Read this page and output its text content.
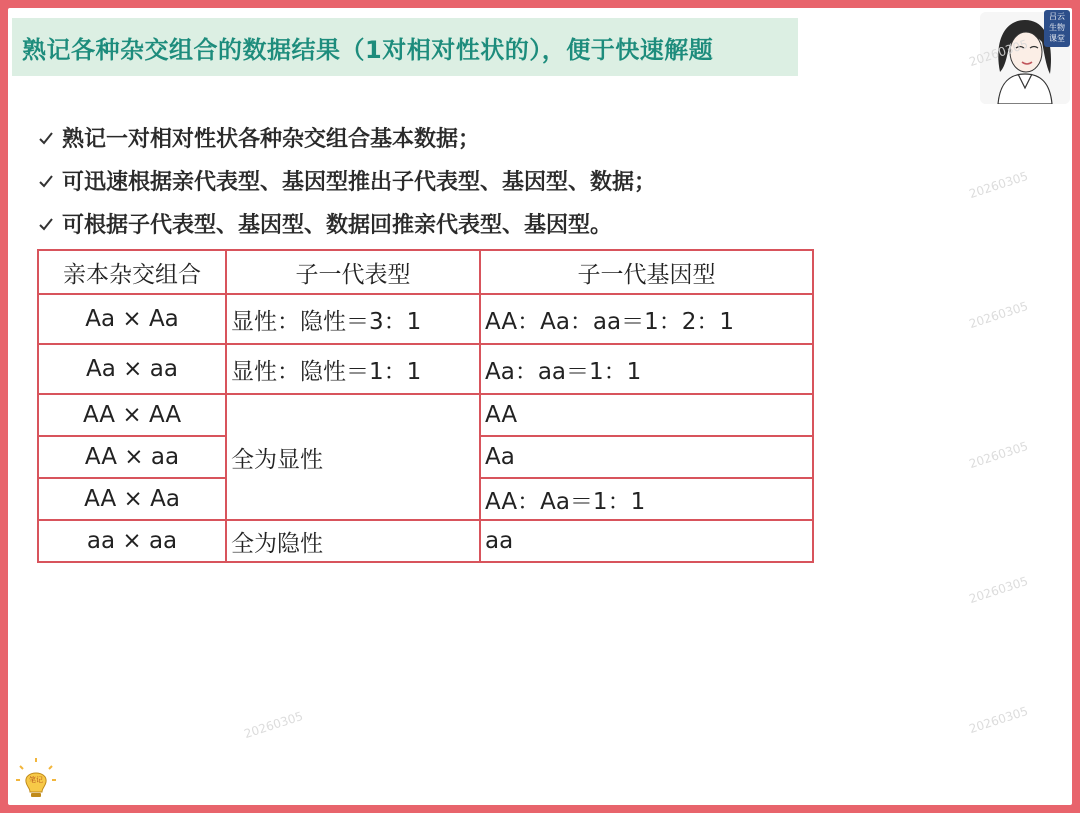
熟记各种杂交组合的数据结果（1对相对性状的），便于快速解题
吕云
生物
课堂
熟记一对相对性状各种杂交组合基本数据；
可迅速根据亲代表型、基因型推出子代表型、基因型、数据；
可根据子代表型、基因型、数据回推亲代表型、基因型。
亲本杂交组合	子一代表型	子一代基因型
Aa × Aa	显性：隐性＝3：1	AA：Aa：aa＝1：2：1
Aa × aa	显性：隐性＝1：1	Aa：aa＝1：1
AA × AA	全为显性	AA
AA × aa		Aa
AA × Aa		AA：Aa＝1：1
aa × aa	全为隐性	aa
20260305
20260305
20260305
20260305
20260305
20260305
20260305
笔记
